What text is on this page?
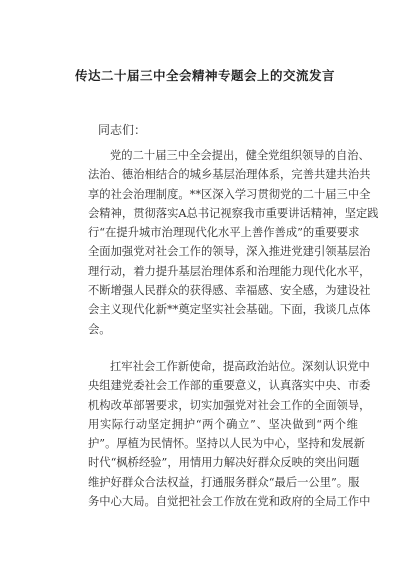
传达二十届三中全会精神专题会上的交流发言
同志们：
党的二十届三中全会提出，健全党组织领导的自治、
法治、德治相结合的城乡基层治理体系，完善共建共治共
享的社会治理制度。**区深入学习贯彻党的二十届三中全
会精神，贯彻落实A总书记视察我市重要讲话精神，坚定践
行“在提升城市治理现代化水平上善作善成”的重要要求
全面加强党对社会工作的领导，深入推进党建引领基层治
理行动，着力提升基层治理体系和治理能力现代化水平，
不断增强人民群众的获得感、幸福感、安全感，为建设社
会主义现代化新**奠定坚实社会基础。下面，我谈几点体
会。
扛牢社会工作新使命，提高政治站位。深刻认识党中
央组建党委社会工作部的重要意义，认真落实中央、市委
机构改革部署要求，切实加强党对社会工作的全面领导，
用实际行动坚定拥护“两个确立”、坚决做到“两个维
护”。厚植为民情怀。坚持以人民为中心，坚持和发展新
时代“枫桥经验”，用情用力解决好群众反映的突出问题
维护好群众合法权益，打通服务群众“最后一公里”。服
务中心大局。自觉把社会工作放在党和政府的全局工作中
